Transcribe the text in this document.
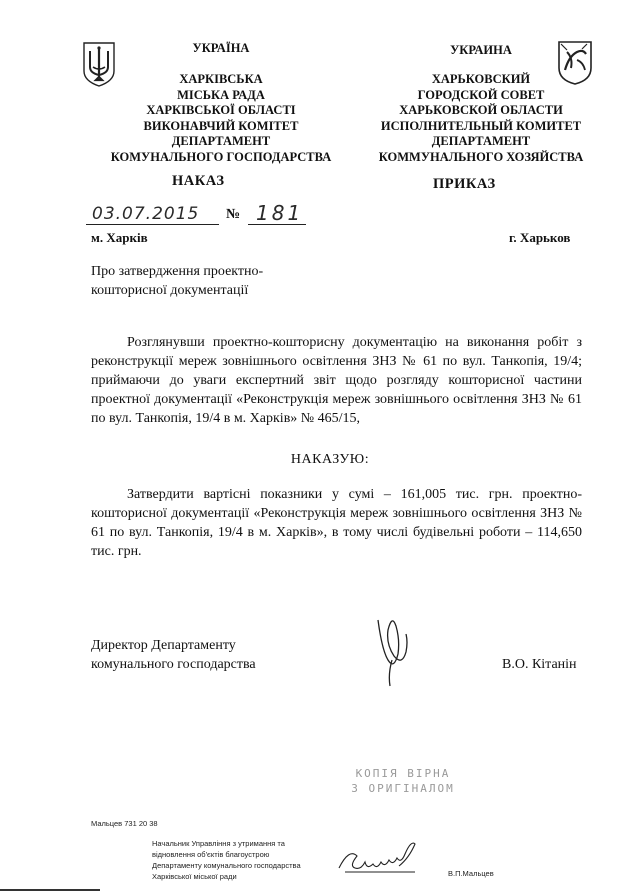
УКРАЇНА
ХАРКІВСЬКА
МІСЬКА РАДА
ХАРКІВСЬКОЇ ОБЛАСТІ
ВИКОНАВЧИЙ КОМІТЕТ
ДЕПАРТАМЕНТ
КОМУНАЛЬНОГО ГОСПОДАРСТВА
НАКАЗ
УКРАИНА
ХАРЬКОВСКИЙ
ГОРОДСКОЙ СОВЕТ
ХАРЬКОВСКОЙ ОБЛАСТИ
ИСПОЛНИТЕЛЬНЫЙ КОМИТЕТ
ДЕПАРТАМЕНТ
КОММУНАЛЬНОГО ХОЗЯЙСТВА
ПРИКАЗ
03.07.2015 № 181
м. Харків	г. Харьков
Про затвердження проектно-
кошторисної документації
Розглянувши проектно-кошторисну документацію на виконання робіт з реконструкції мереж зовнішнього освітлення ЗНЗ № 61 по вул. Танкопія, 19/4; приймаючи до уваги експертний звіт щодо розгляду кошторисної частини проектної документації «Реконструкція мереж зовнішнього освітлення ЗНЗ № 61 по вул. Танкопія, 19/4 в м. Харків» № 465/15,
НАКАЗУЮ:
Затвердити вартісні показники у сумі – 161,005 тис. грн. проектно-кошторисної документації «Реконструкція мереж зовнішнього освітлення ЗНЗ № 61 по вул. Танкопія, 19/4 в м. Харків», в тому числі будівельні роботи – 114,650 тис. грн.
Директор Департаменту
комунального господарства	В.О. Кітанін
КОПІЯ ВІРНА
З ОРИГІНАЛОМ
Мальцев 731 20 38
Начальник Управління з утримання та
відновлення об'єктів благоустрою
Департаменту комунального господарства
Харківської міської ради	В.П.Мальцев
